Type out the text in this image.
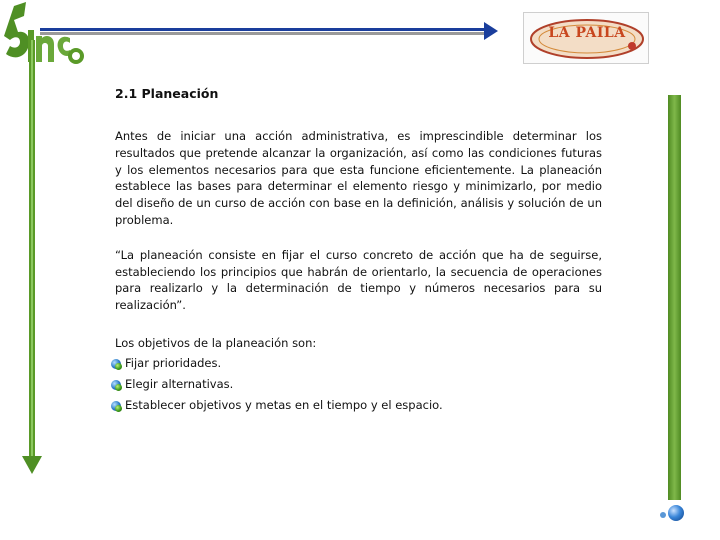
LA PAILA
2.1 Planeación

Antes de iniciar una acción administrativa, es imprescindible determinar los resultados que pretende alcanzar la organización, así como las condiciones futuras y los elementos necesarios para que esta funcione eficientemente. La planeación establece las bases para determinar el elemento riesgo y minimizarlo, por medio del diseño de un curso de acción con base en la definición, análisis y solución de un problema.

“La planeación consiste en fijar el curso concreto de acción que ha de seguirse, estableciendo los principios que habrán de orientarlo, la secuencia de operaciones para realizarlo y la determinación de tiempo y números necesarios para su realización”.

Los objetivos de la planeación son:

Fijar prioridades.
Elegir alternativas.
Establecer objetivos y metas en el tiempo y el espacio.
